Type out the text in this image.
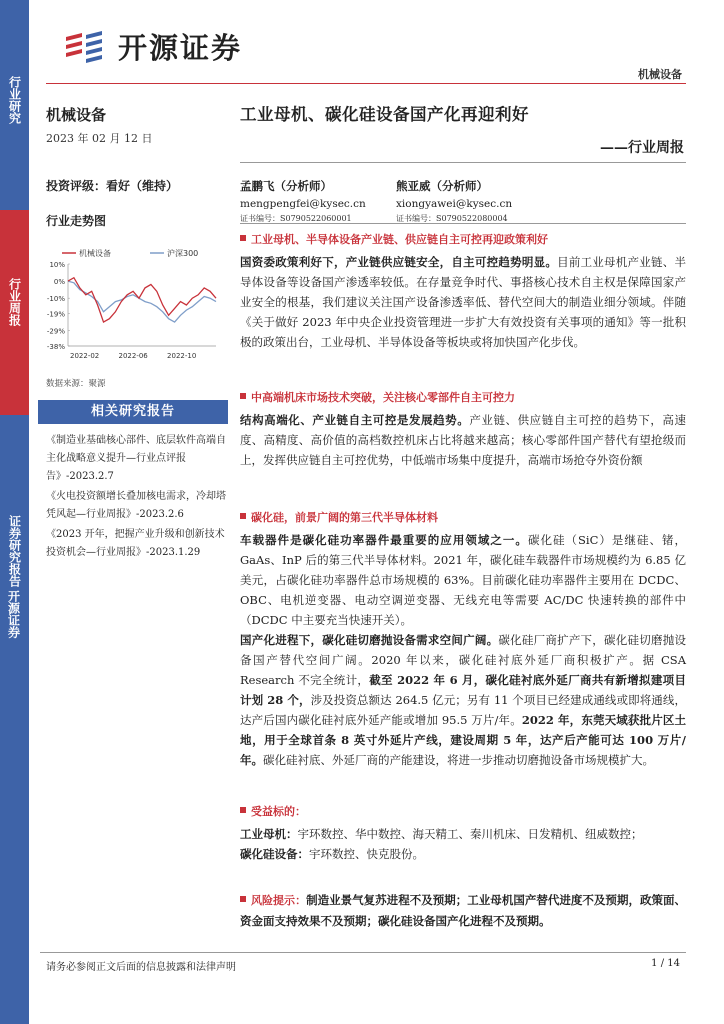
行业研究
行业周报
证券研究报告 开源证券
开源证券
机械设备
机械设备
2023 年 02 月 12 日
投资评级：看好（维持）
行业走势图
机械设备	沪深300
10%
0%
-10%
-19%
-29%
-38%
2022-02	2022-06	2022-10
数据来源：聚源
相关研究报告
《制造业基础核心部件、底层软件高端自主化战略意义提升—行业点评报告》-2023.2.7
《火电投资额增长叠加核电需求，冷却塔凭风起—行业周报》-2023.2.6
《2023 开年，把握产业升级和创新技术投资机会—行业周报》-2023.1.29
工业母机、碳化硅设备国产化再迎利好
——行业周报
孟鹏飞（分析师）
mengpengfei@kysec.cn
证书编号：S0790522060001
熊亚威（分析师）
xiongyawei@kysec.cn
证书编号：S0790522080004
工业母机、半导体设备产业链、供应链自主可控再迎政策利好
国资委政策利好下，产业链供应链安全，自主可控趋势明显。目前工业母机产业链、半导体设备等设备国产渗透率较低。在存量竞争时代、事搭核心技术自主权是保障国家产业安全的根基，我们建议关注国产设备渗透率低、替代空间大的制造业细分领域。伴随《关于做好 2023 年中央企业投资管理进一步扩大有效投资有关事项的通知》等一批积极的政策出台，工业母机、半导体设备等板块或将加快国产化步伐。
中高端机床市场技术突破，关注核心零部件自主可控力
结构高端化、产业链自主可控是发展趋势。产业链、供应链自主可控的趋势下，高速度、高精度、高价值的高档数控机床占比将越来越高；核心零部件国产替代有望抢级而上，发挥供应链自主可控优势，中低端市场集中度提升，高端市场抢夺外资份额
碳化硅，前景广阔的第三代半导体材料
车载器件是碳化硅功率器件最重要的应用领域之一。碳化硅（SiC）是继硅、锗，GaAs、InP 后的第三代半导体材料。2021 年，碳化硅车载器件市场规模约为 6.85 亿美元，占碳化硅功率器件总市场规模的 63%。目前碳化硅功率器件主要用在 DCDC、OBC、电机逆变器、电动空调逆变器、无线充电等需要 AC/DC 快速转换的部件中（DCDC 中主要充当快速开关）。
国产化进程下，碳化硅切磨抛设备需求空间广阔。碳化硅厂商扩产下，碳化硅切磨抛设备国产替代空间广阔。2020 年以来，碳化硅衬底外延厂商积极扩产。据 CSA Research 不完全统计，截至 2022 年 6 月，碳化硅衬底外延厂商共有新增拟建项目计划 28 个，涉及投资总额达 264.5 亿元；另有 11 个项目已经建成通线或即将通线，达产后国内碳化硅衬底外延产能或增加 95.5 万片/年。2022 年，东莞天域获批片区土地，用于全球首条 8 英寸外延片产线，建设周期 5 年，达产后产能可达 100 万片/年。碳化硅衬底、外延厂商的产能建设，将进一步推动切磨抛设备市场规模扩大。
受益标的：
工业母机：宇环数控、华中数控、海天精工、秦川机床、日发精机、纽威数控；
碳化硅设备：宇环数控、快克股份。
风险提示：制造业景气复苏进程不及预期；工业母机国产替代进度不及预期，政策面、资金面支持效果不及预期；碳化硅设备国产化进程不及预期。
请务必参阅正文后面的信息披露和法律声明	1 / 14
